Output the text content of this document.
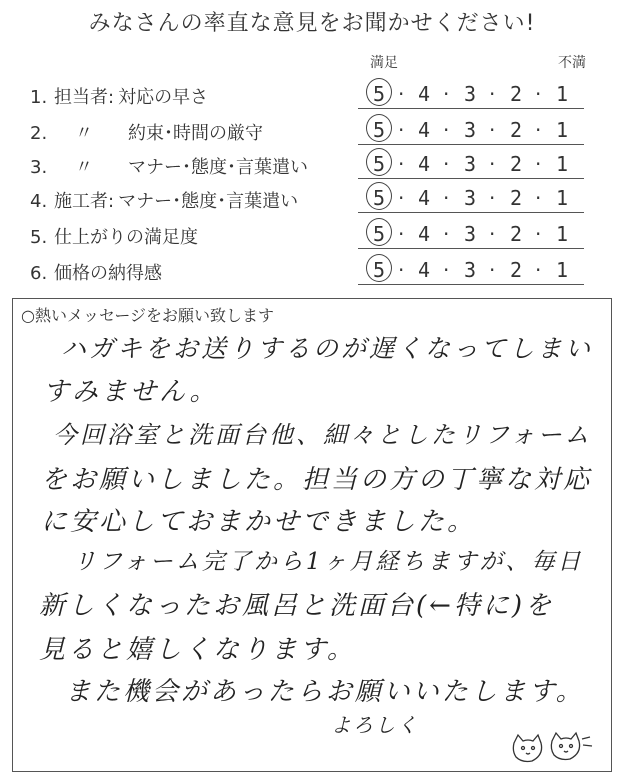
みなさんの率直な意見をお聞かせください!
満足	不満
1. 担当者: 対応の早さ	5 · 4 · 3 · 2 · 1
2. 〃 約束･時間の厳守	5 · 4 · 3 · 2 · 1
3. 〃 マナー･態度･言葉遣い	5 · 4 · 3 · 2 · 1
4. 施工者: マナー･態度･言葉遣い	5 · 4 · 3 · 2 · 1
5. 仕上がりの満足度	5 · 4 · 3 · 2 · 1
6. 価格の納得感	5 · 4 · 3 · 2 · 1
○熱いメッセージをお願い致します
ハガキをお送りするのが遅くなってしまい
すみません。
今回浴室と洗面台他、細々としたリフォーム
をお願いしました。担当の方の丁寧な対応
に安心しておまかせできました。
リフォーム完了から1ヶ月経ちますが、毎日
新しくなったお風呂と洗面台(←特に)を
見ると嬉しくなります。
また機会があったらお願いいたします。
よろしく
